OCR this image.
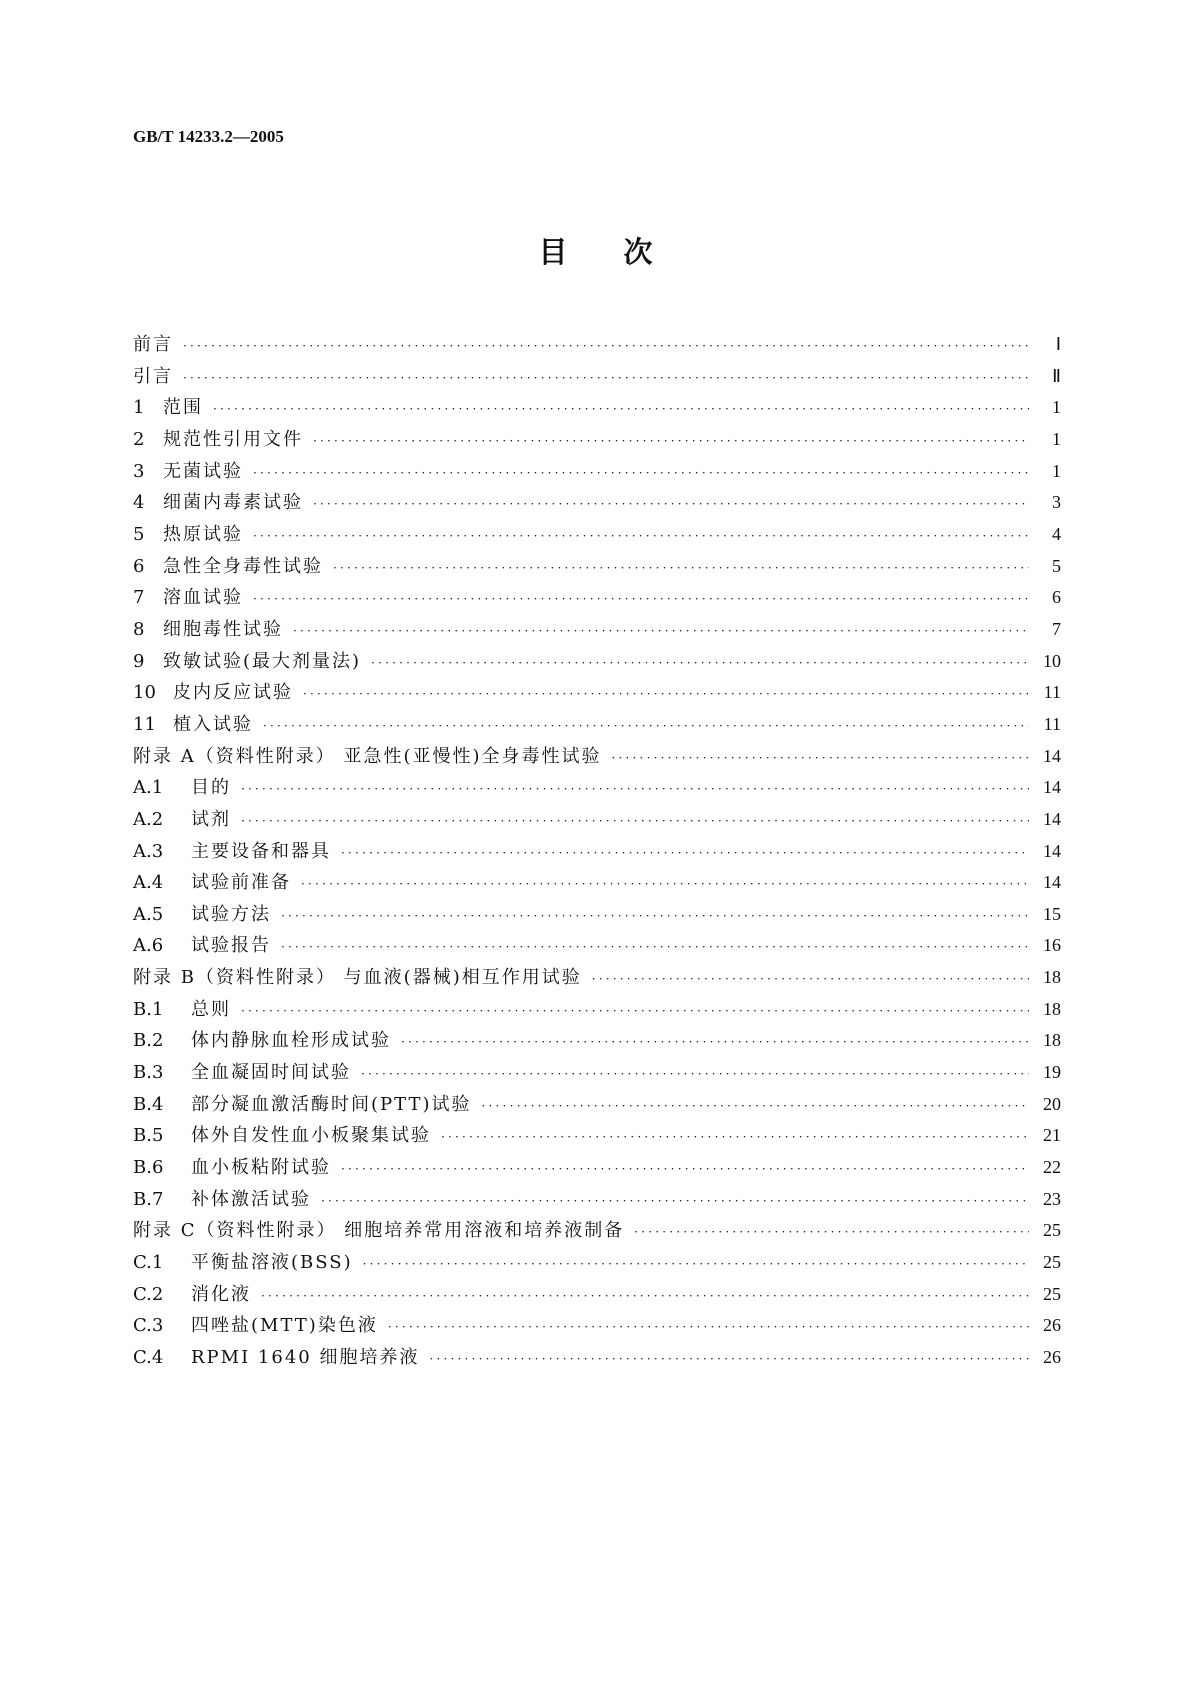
GB/T 14233.2—2005
目次
前言 ·····	Ⅰ
引言 ·····	Ⅱ
1	范围 ·····	1
2	规范性引用文件 ·····	1
3	无菌试验 ·····	1
4	细菌内毒素试验 ·····	3
5	热原试验 ·····	4
6	急性全身毒性试验 ·····	5
7	溶血试验 ·····	6
8	细胞毒性试验 ·····	7
9	致敏试验(最大剂量法) ·····	10
10 皮内反应试验 ·····	11
11 植入试验 ·····	11
附录 A（资料性附录） 亚急性(亚慢性)全身毒性试验 ·····	14
A.1	目的 ·····	14
A.2	试剂 ·····	14
A.3	主要设备和器具 ·····	14
A.4	试验前准备 ·····	14
A.5	试验方法 ·····	15
A.6	试验报告 ·····	16
附录 B（资料性附录） 与血液(器械)相互作用试验 ·····	18
B.1	总则 ·····	18
B.2	体内静脉血栓形成试验 ·····	18
B.3	全血凝固时间试验 ·····	19
B.4	部分凝血激活酶时间(PTT)试验 ·····	20
B.5	体外自发性血小板聚集试验 ·····	21
B.6	血小板粘附试验 ·····	22
B.7	补体激活试验 ·····	23
附录 C（资料性附录） 细胞培养常用溶液和培养液制备 ·····	25
C.1	平衡盐溶液(BSS) ·····	25
C.2	消化液 ·····	25
C.3	四唑盐(MTT)染色液 ·····	26
C.4	RPMI 1640 细胞培养液 ·····	26
